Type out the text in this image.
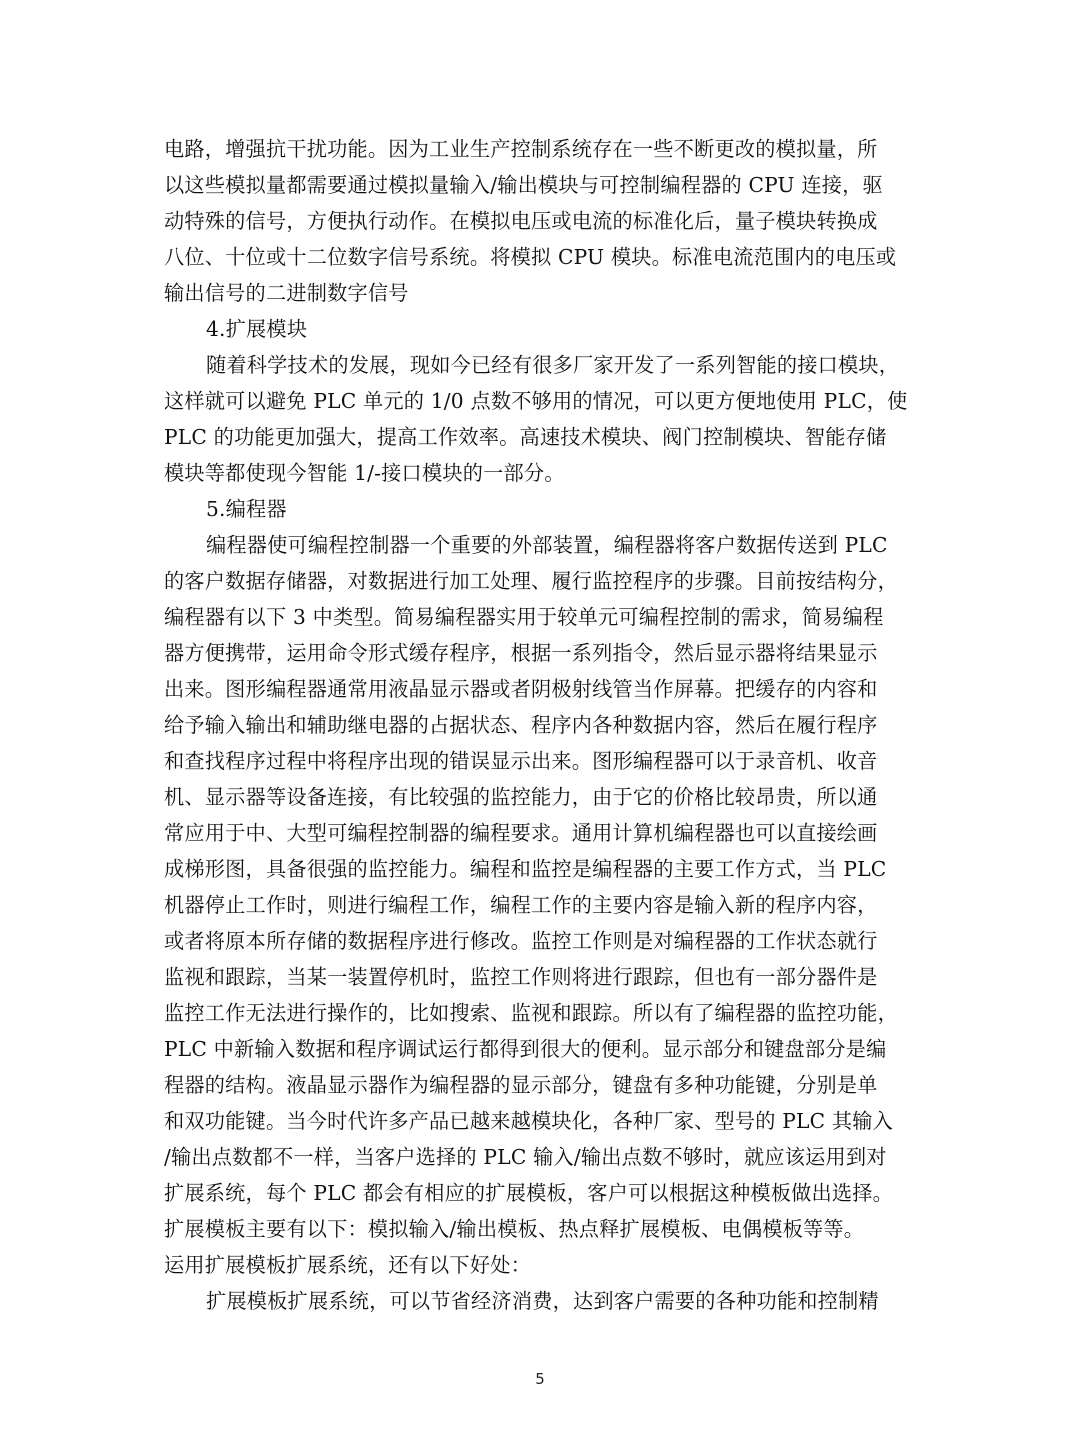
电路，增强抗干扰功能。因为工业生产控制系统存在一些不断更改的模拟量，所
以这些模拟量都需要通过模拟量输入/输出模块与可控制编程器的 CPU 连接，驱
动特殊的信号，方便执行动作。在模拟电压或电流的标准化后，量子模块转换成
八位、十位或十二位数字信号系统。将模拟 CPU 模块。标准电流范围内的电压或
输出信号的二进制数字信号
4.扩展模块
随着科学技术的发展，现如今已经有很多厂家开发了一系列智能的接口模块，
这样就可以避免 PLC 单元的 1/0 点数不够用的情况，可以更方便地使用 PLC，使
PLC 的功能更加强大，提高工作效率。高速技术模块、阀门控制模块、智能存储
模块等都使现今智能 1/-接口模块的一部分。
5.编程器
编程器使可编程控制器一个重要的外部装置，编程器将客户数据传送到 PLC
的客户数据存储器，对数据进行加工处理、履行监控程序的步骤。目前按结构分，
编程器有以下 3 中类型。简易编程器实用于较单元可编程控制的需求，简易编程
器方便携带，运用命令形式缓存程序，根据一系列指令，然后显示器将结果显示
出来。图形编程器通常用液晶显示器或者阴极射线管当作屏幕。把缓存的内容和
给予输入输出和辅助继电器的占据状态、程序内各种数据内容，然后在履行程序
和查找程序过程中将程序出现的错误显示出来。图形编程器可以于录音机、收音
机、显示器等设备连接，有比较强的监控能力，由于它的价格比较昂贵，所以通
常应用于中、大型可编程控制器的编程要求。通用计算机编程器也可以直接绘画
成梯形图，具备很强的监控能力。编程和监控是编程器的主要工作方式，当 PLC
机器停止工作时，则进行编程工作，编程工作的主要内容是输入新的程序内容，
或者将原本所存储的数据程序进行修改。监控工作则是对编程器的工作状态就行
监视和跟踪，当某一装置停机时，监控工作则将进行跟踪，但也有一部分器件是
监控工作无法进行操作的，比如搜索、监视和跟踪。所以有了编程器的监控功能，
PLC 中新输入数据和程序调试运行都得到很大的便利。显示部分和键盘部分是编
程器的结构。液晶显示器作为编程器的显示部分，键盘有多种功能键，分别是单
和双功能键。当今时代许多产品已越来越模块化，各种厂家、型号的 PLC 其输入
/输出点数都不一样，当客户选择的 PLC 输入/输出点数不够时，就应该运用到对
扩展系统，每个 PLC 都会有相应的扩展模板，客户可以根据这种模板做出选择。
扩展模板主要有以下：模拟输入/输出模板、热点释扩展模板、电偶模板等等。
运用扩展模板扩展系统，还有以下好处：
扩展模板扩展系统，可以节省经济消费，达到客户需要的各种功能和控制精
5
